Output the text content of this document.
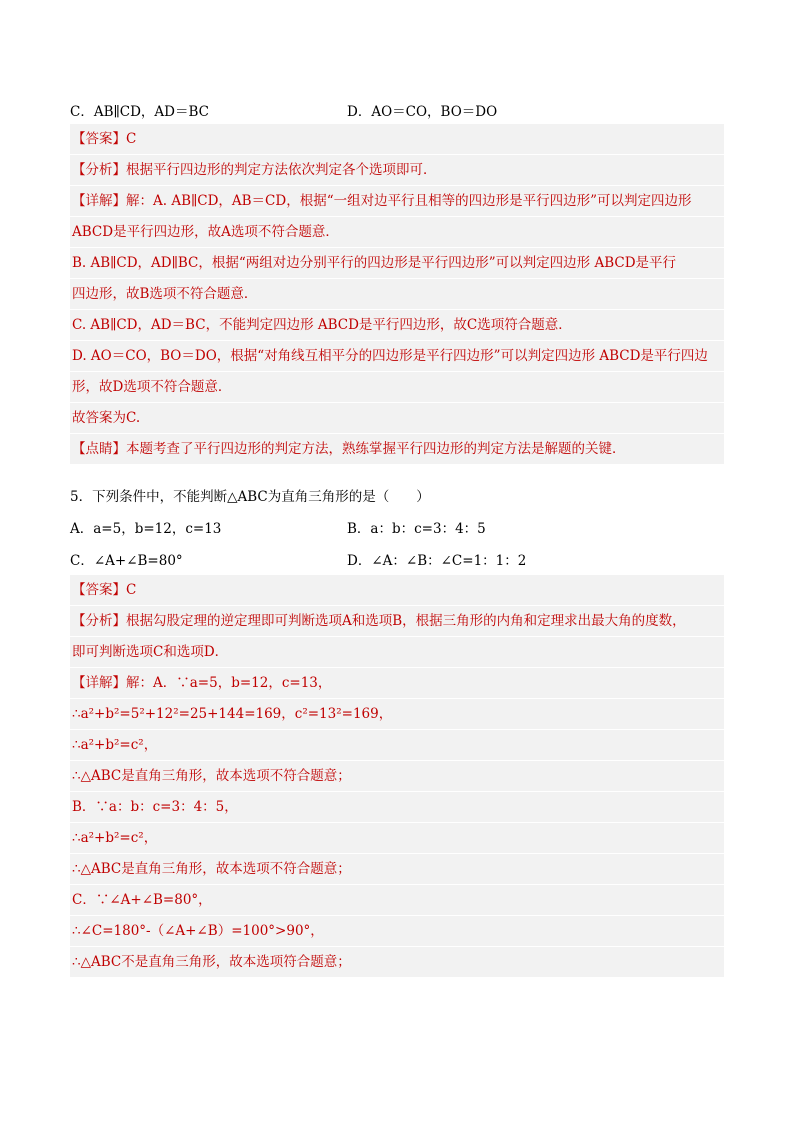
C．AB∥CD，AD＝BC	D．AO＝CO，BO＝DO
【答案】C
【分析】根据平行四边形的判定方法依次判定各个选项即可．
【详解】解：A. AB∥CD，AB＝CD，根据“一组对边平行且相等的四边形是平行四边形”可以判定四边形
ABCD是平行四边形，故A选项不符合题意．
B. AB∥CD，AD∥BC，根据“两组对边分别平行的四边形是平行四边形”可以判定四边形 ABCD是平行
四边形，故B选项不符合题意．
C. AB∥CD，AD＝BC，不能判定四边形 ABCD是平行四边形，故C选项符合题意．
D. AO＝CO，BO＝DO，根据“对角线互相平分的四边形是平行四边形”可以判定四边形 ABCD是平行四边
形，故D选项不符合题意．
故答案为C.
【点睛】本题考查了平行四边形的判定方法，熟练掌握平行四边形的判定方法是解题的关键．
5．下列条件中，不能判断△ABC为直角三角形的是（　　）
A．a=5，b=12，c=13	B．a：b：c=3：4：5
C．∠A+∠B=80°	D．∠A：∠B：∠C=1：1：2
【答案】C
【分析】根据勾股定理的逆定理即可判断选项A和选项B，根据三角形的内角和定理求出最大角的度数，
即可判断选项C和选项D．
【详解】解：A．∵a=5，b=12，c=13，
∴a²+b²=5²+12²=25+144=169，c²=13²=169，
∴a²+b²=c²，
∴△ABC是直角三角形，故本选项不符合题意；
B．∵a：b：c=3：4：5，
∴a²+b²=c²，
∴△ABC是直角三角形，故本选项不符合题意；
C．∵∠A+∠B=80°，
∴∠C=180°-（∠A+∠B）=100°>90°，
∴△ABC不是直角三角形，故本选项符合题意；
